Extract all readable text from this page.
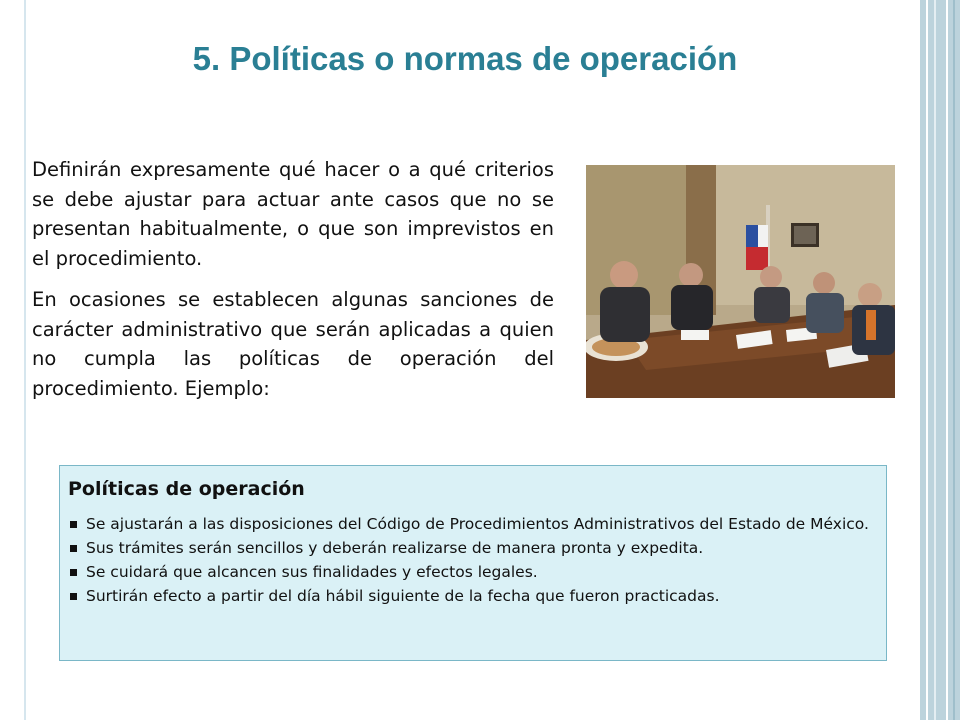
5. Políticas o normas de operación

Definirán expresamente qué hacer o a qué criterios se debe ajustar para actuar ante casos que no se presentan habitualmente, o que son imprevistos en el procedimiento.

En ocasiones se establecen algunas sanciones de carácter administrativo que serán aplicadas a quien no cumpla las políticas de operación del procedimiento. Ejemplo:

Políticas de operación
Se ajustarán a las disposiciones del Código de Procedimientos Administrativos del Estado de México.
Sus trámites serán sencillos y deberán realizarse de manera pronta y expedita.
Se cuidará que alcancen sus finalidades y efectos legales.
Surtirán efecto a partir del día hábil siguiente de la fecha que fueron practicadas.
